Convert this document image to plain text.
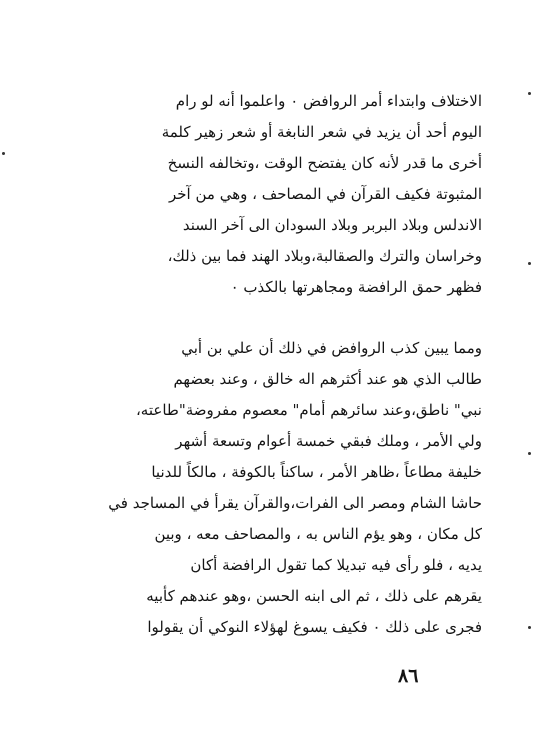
الاختلاف وابتداء أمر الروافض ٠ واعلموا أنه لو رام
اليوم أحد أن يزيد في شعر النابغة أو شعر زهير كلمة
أخرى ما قدر لأنه كان يفتضح الوقت ،وتخالفه النسخ
المثبوتة فكيف القرآن في المصاحف ، وهي من آخر
الاندلس وبلاد البربر وبلاد السودان الى آخر السند
وخراسان والترك والصقالبة،وبلاد الهند فما بين ذلك،
فظهر حمق الرافضة ومجاهرتها بالكذب ٠
ومما يبين كذب الروافض في ذلك أن علي بن أبي
طالب الذي هو عند أكثرهم اله خالق ، وعند بعضهم
نبي" ناطق،وعند سائرهم أمام" معصوم مفروضة"طاعته،
ولي الأمر ، وملك فبقي خمسة أعوام وتسعة أشهر
خليفة مطاعاً ،ظاهر الأمر ، ساكناً بالكوفة ، مالكاً للدنيا
حاشا الشام ومصر الى الفرات،والقرآن يقرأ في المساجد في
كل مكان ، وهو يؤم الناس به ، والمصاحف معه ، وبين
يديه ، فلو رأى فيه تبديلا كما تقول الرافضة أكان
يقرهم على ذلك ، ثم الى ابنه الحسن ،وهو عندهم كأبيه
فجرى على ذلك ٠ فكيف يسوغ لهؤلاء النوكي أن يقولوا
٨٦
